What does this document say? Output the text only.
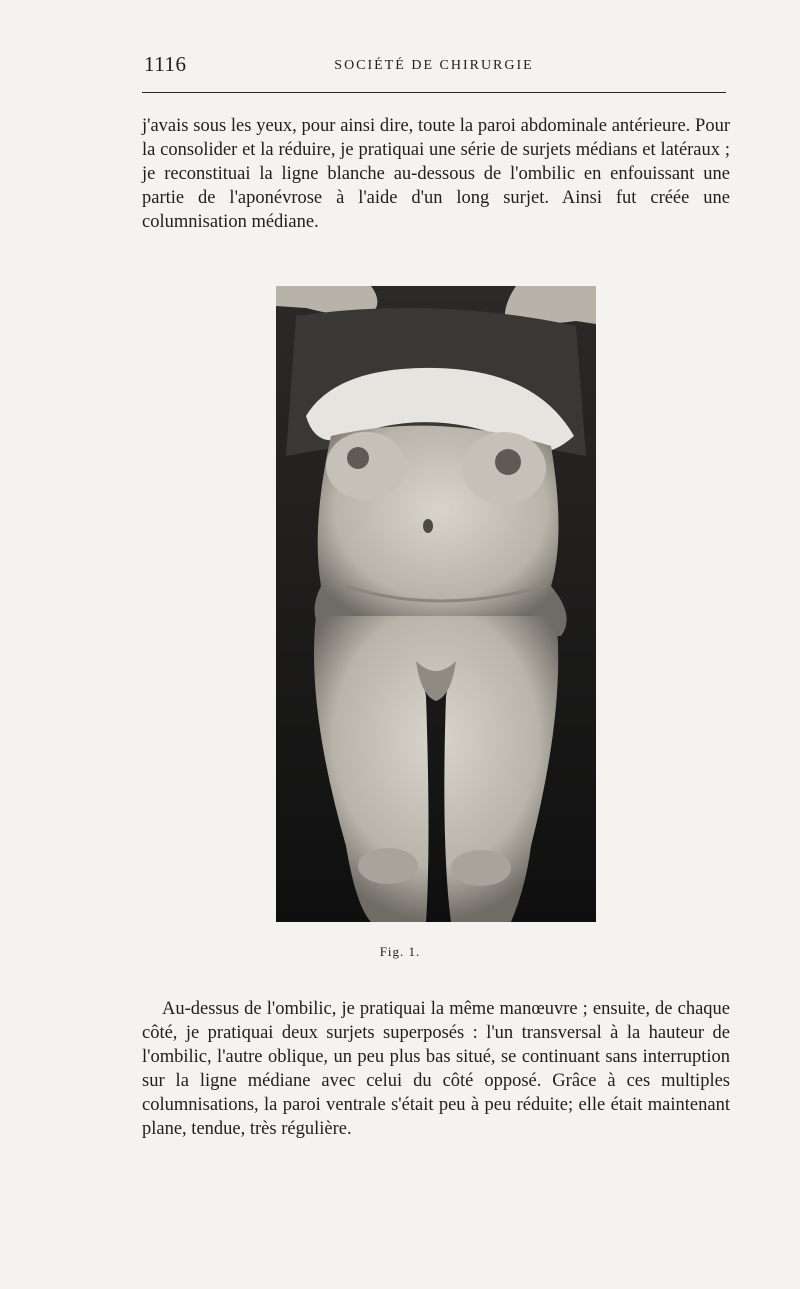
1116	SOCIÉTÉ DE CHIRURGIE

j'avais sous les yeux, pour ainsi dire, toute la paroi abdominale antérieure. Pour la consolider et la réduire, je pratiquai une série de surjets médians et latéraux ; je reconstituai la ligne blanche au-dessous de l'ombilic en enfouissant une partie de l'aponévrose à l'aide d'un long surjet. Ainsi fut créée une columnisation médiane.

Fig. 1.

Au-dessus de l'ombilic, je pratiquai la même manœuvre ; ensuite, de chaque côté, je pratiquai deux surjets superposés : l'un transversal à la hauteur de l'ombilic, l'autre oblique, un peu plus bas situé, se continuant sans interruption sur la ligne médiane avec celui du côté opposé. Grâce à ces multiples columnisations, la paroi ventrale s'était peu à peu réduite; elle était maintenant plane, tendue, très régulière.
